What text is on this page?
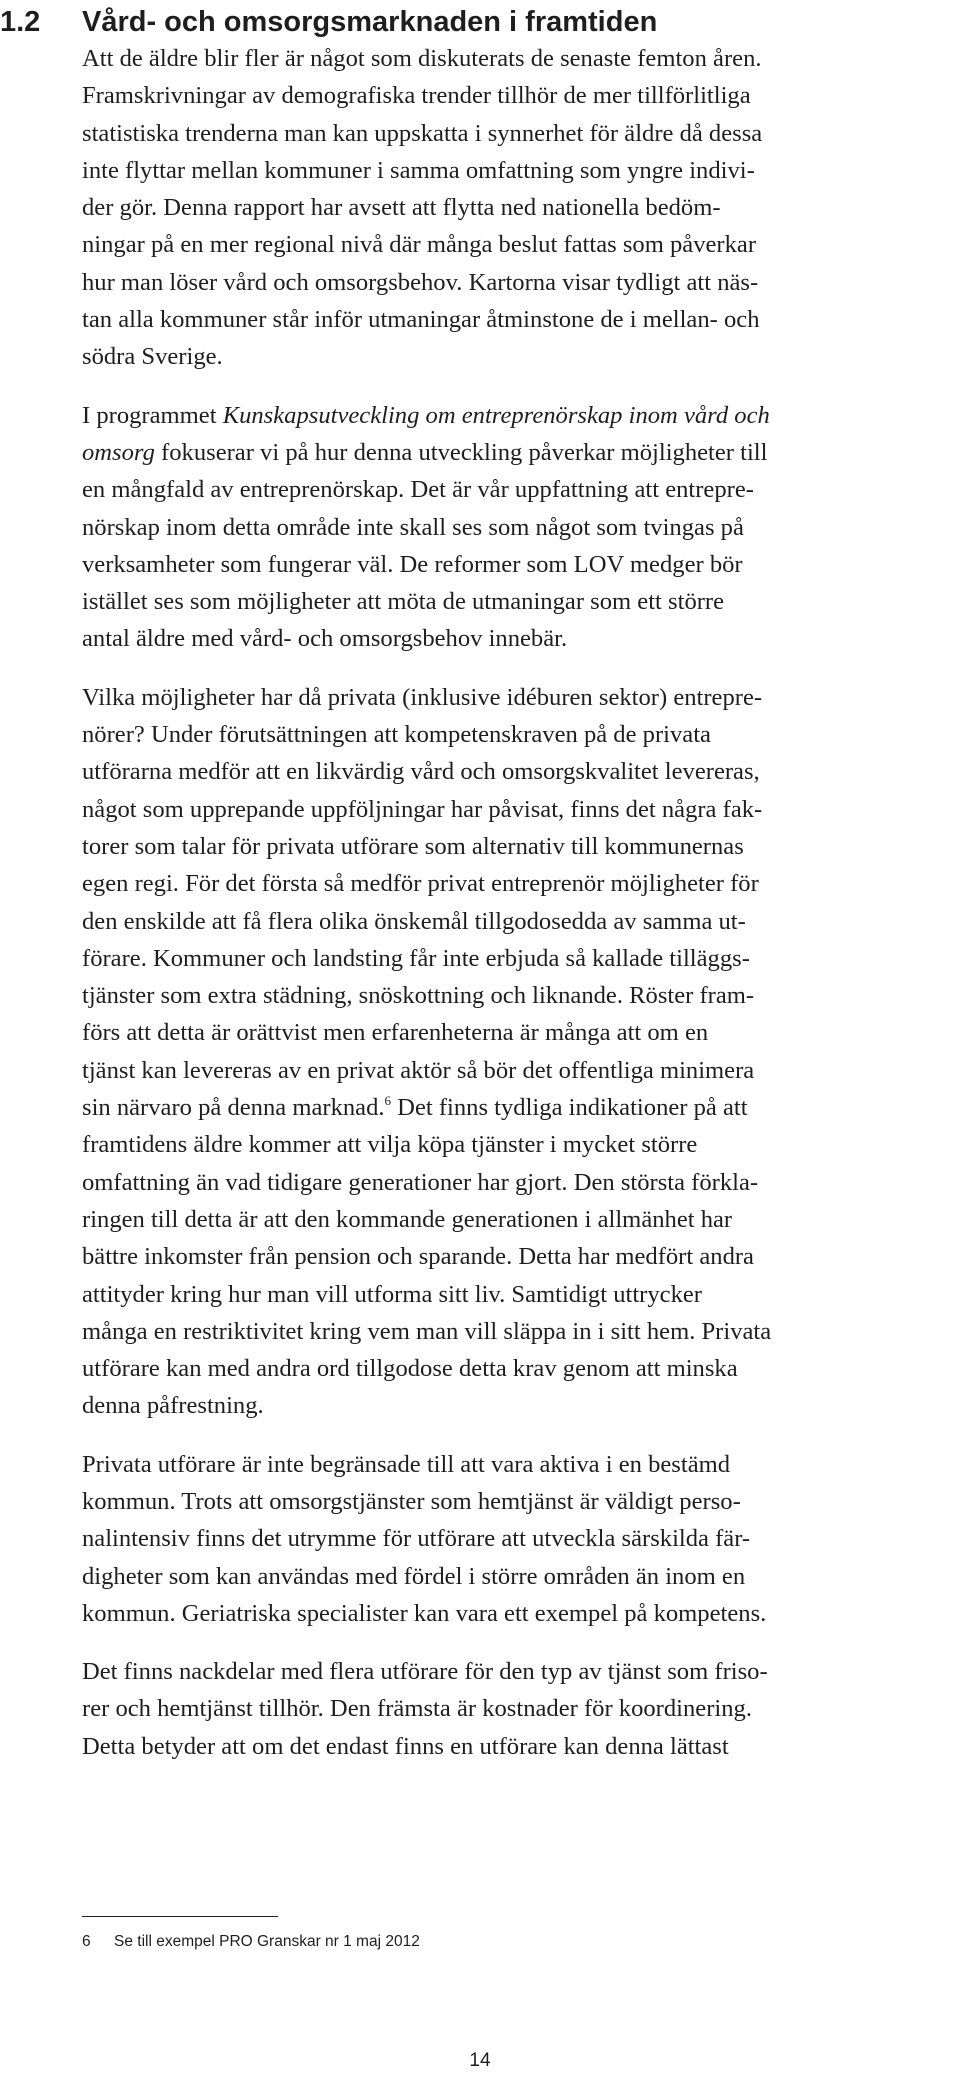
1.2 Vård- och omsorgsmarknaden i framtiden

Att de äldre blir fler är något som diskuterats de senaste femton åren.
Framskrivningar av demografiska trender tillhör de mer tillförlitliga
statistiska trenderna man kan uppskatta i synnerhet för äldre då dessa
inte flyttar mellan kommuner i samma omfattning som yngre indivi-
der gör. Denna rapport har avsett att flytta ned nationella bedöm-
ningar på en mer regional nivå där många beslut fattas som påverkar
hur man löser vård och omsorgsbehov. Kartorna visar tydligt att näs-
tan alla kommuner står inför utmaningar åtminstone de i mellan- och
södra Sverige.

I programmet Kunskapsutveckling om entreprenörskap inom vård och
omsorg fokuserar vi på hur denna utveckling påverkar möjligheter till
en mångfald av entreprenörskap. Det är vår uppfattning att entrepre-
nörskap inom detta område inte skall ses som något som tvingas på
verksamheter som fungerar väl. De reformer som LOV medger bör
istället ses som möjligheter att möta de utmaningar som ett större
antal äldre med vård- och omsorgsbehov innebär.

Vilka möjligheter har då privata (inklusive idéburen sektor) entrepre-
nörer? Under förutsättningen att kompetenskraven på de privata
utförarna medför att en likvärdig vård och omsorgskvalitet levereras,
något som upprepande uppföljningar har påvisat, finns det några fak-
torer som talar för privata utförare som alternativ till kommunernas
egen regi. För det första så medför privat entreprenör möjligheter för
den enskilde att få flera olika önskemål tillgodosedda av samma ut-
förare. Kommuner och landsting får inte erbjuda så kallade tilläggs-
tjänster som extra städning, snöskottning och liknande. Röster fram-
förs att detta är orättvist men erfarenheterna är många att om en
tjänst kan levereras av en privat aktör så bör det offentliga minimera
sin närvaro på denna marknad.$^6$ Det finns tydliga indikationer på att
framtidens äldre kommer att vilja köpa tjänster i mycket större
omfattning än vad tidigare generationer har gjort. Den största förkla-
ringen till detta är att den kommande generationen i allmänhet har
bättre inkomster från pension och sparande. Detta har medfört andra
attityder kring hur man vill utforma sitt liv. Samtidigt uttrycker
många en restriktivitet kring vem man vill släppa in i sitt hem. Privata
utförare kan med andra ord tillgodose detta krav genom att minska
denna påfrestning.

Privata utförare är inte begränsade till att vara aktiva i en bestämd
kommun. Trots att omsorgstjänster som hemtjänst är väldigt perso-
nalintensiv finns det utrymme för utförare att utveckla särskilda fär-
digheter som kan användas med fördel i större områden än inom en
kommun. Geriatriska specialister kan vara ett exempel på kompetens.

Det finns nackdelar med flera utförare för den typ av tjänst som friso-
rer och hemtjänst tillhör. Den främsta är kostnader för koordinering.
Detta betyder att om det endast finns en utförare kan denna lättast

6 Se till exempel PRO Granskar nr 1 maj 2012
14
